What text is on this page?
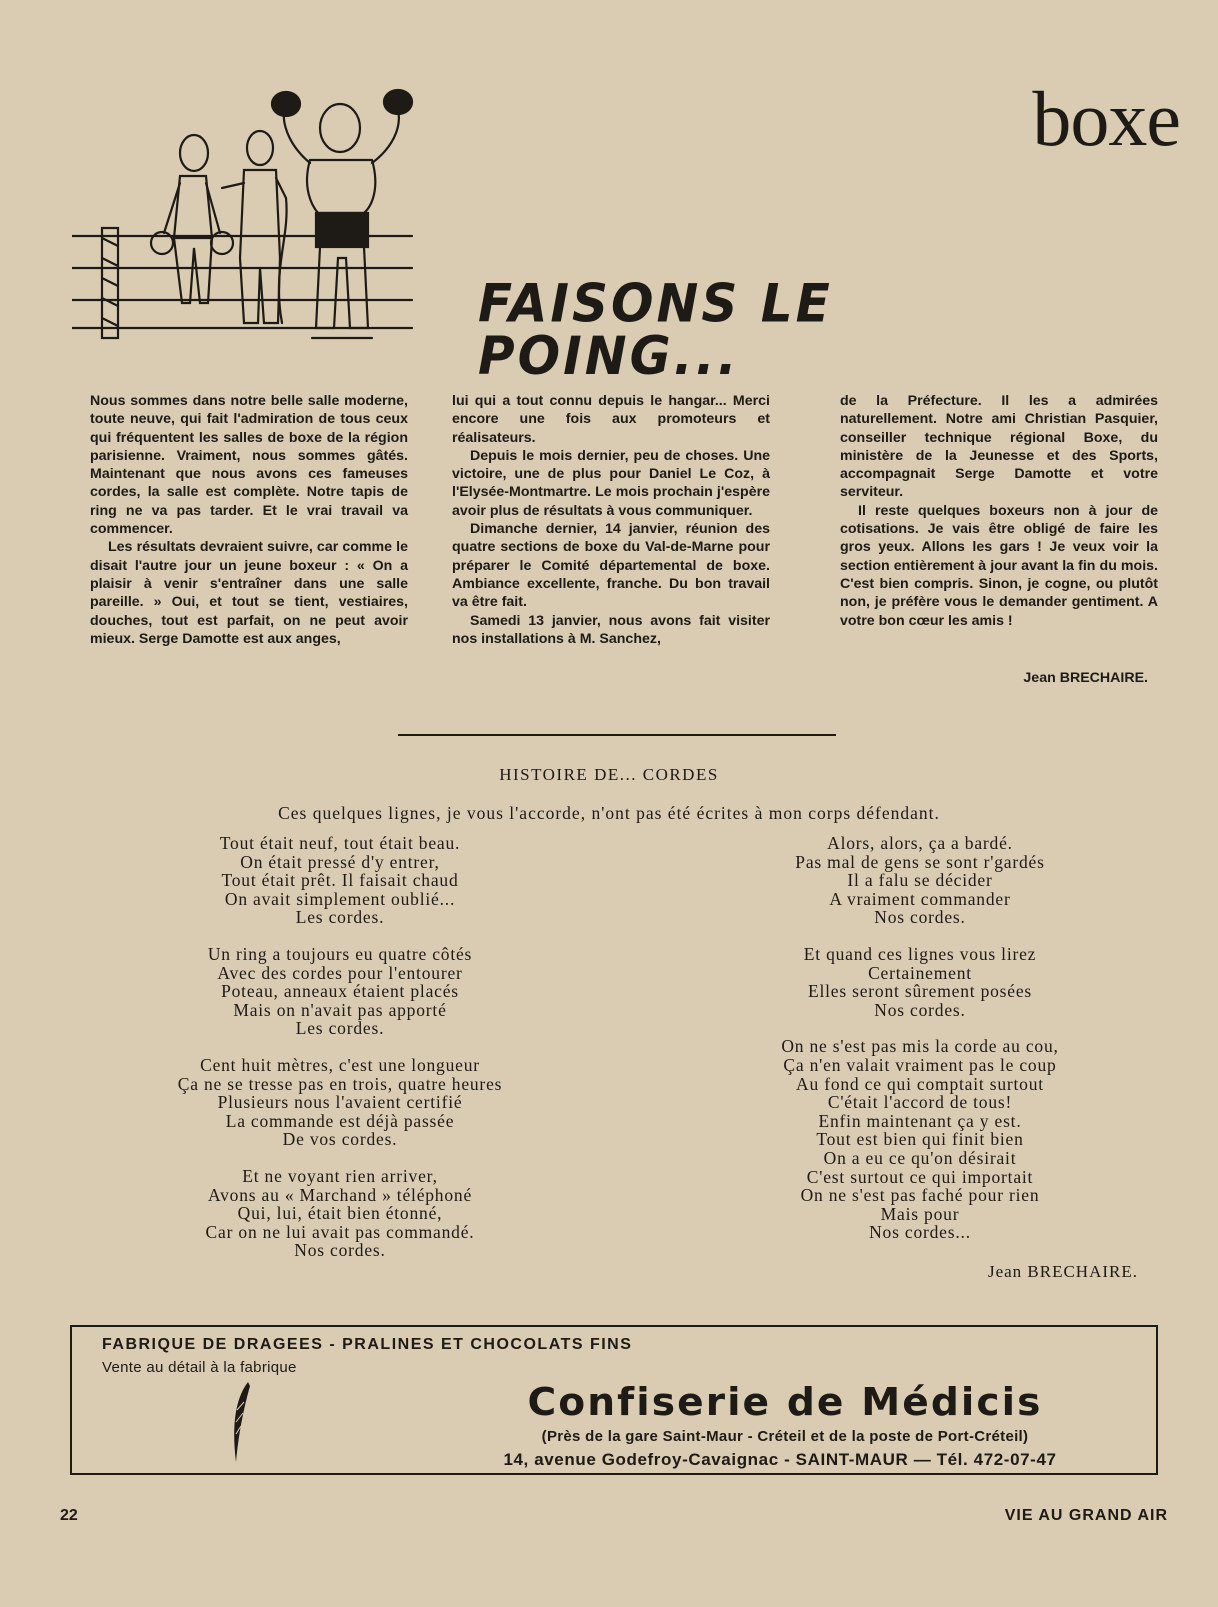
boxe
FAISONS LE POING...

Nous sommes dans notre belle salle moderne, toute neuve, qui fait l'admiration de tous ceux qui fréquentent les salles de boxe de la région parisienne. Vraiment, nous sommes gâtés. Maintenant que nous avons ces fameuses cordes, la salle est complète. Notre tapis de ring ne va pas tarder. Et le vrai travail va commencer.

Les résultats devraient suivre, car comme le disait l'autre jour un jeune boxeur : « On a plaisir à venir s'entraîner dans une salle pareille. » Oui, et tout se tient, vestiaires, douches, tout est parfait, on ne peut avoir mieux. Serge Damotte est aux anges,

lui qui a tout connu depuis le hangar... Merci encore une fois aux promoteurs et réalisateurs.

Depuis le mois dernier, peu de choses. Une victoire, une de plus pour Daniel Le Coz, à l'Elysée-Montmartre. Le mois prochain j'espère avoir plus de résultats à vous communiquer.

Dimanche dernier, 14 janvier, réunion des quatre sections de boxe du Val-de-Marne pour préparer le Comité départemental de boxe. Ambiance excellente, franche. Du bon travail va être fait.

Samedi 13 janvier, nous avons fait visiter nos installations à M. Sanchez,

de la Préfecture. Il les a admirées naturellement. Notre ami Christian Pasquier, conseiller technique régional Boxe, du ministère de la Jeunesse et des Sports, accompagnait Serge Damotte et votre serviteur.

Il reste quelques boxeurs non à jour de cotisations. Je vais être obligé de faire les gros yeux. Allons les gars ! Je veux voir la section entièrement à jour avant la fin du mois. C'est bien compris. Sinon, je cogne, ou plutôt non, je préfère vous le demander gentiment. A votre bon cœur les amis !

Jean BRECHAIRE.
HISTOIRE DE... CORDES
Ces quelques lignes, je vous l'accorde, n'ont pas été écrites à mon corps défendant.
Tout était neuf, tout était beau.
On était pressé d'y entrer,
Tout était prêt. Il faisait chaud
On avait simplement oublié...
Les cordes.
Un ring a toujours eu quatre côtés
Avec des cordes pour l'entourer
Poteau, anneaux étaient placés
Mais on n'avait pas apporté
Les cordes.
Cent huit mètres, c'est une longueur
Ça ne se tresse pas en trois, quatre heures
Plusieurs nous l'avaient certifié
La commande est déjà passée
De vos cordes.
Et ne voyant rien arriver,
Avons au « Marchand » téléphoné
Qui, lui, était bien étonné,
Car on ne lui avait pas commandé.
Nos cordes.
Alors, alors, ça a bardé.
Pas mal de gens se sont r'gardés
Il a falu se décider
A vraiment commander
Nos cordes.
Et quand ces lignes vous lirez
Certainement
Elles seront sûrement posées
Nos cordes.
On ne s'est pas mis la corde au cou,
Ça n'en valait vraiment pas le coup
Au fond ce qui comptait surtout
C'était l'accord de tous!
Enfin maintenant ça y est.
Tout est bien qui finit bien
On a eu ce qu'on désirait
C'est surtout ce qui importait
On ne s'est pas faché pour rien
Mais pour
Nos cordes...
Jean BRECHAIRE.
FABRIQUE DE DRAGEES - PRALINES ET CHOCOLATS FINS
Vente au détail à la fabrique
Confiserie de Médicis
(Près de la gare Saint-Maur - Créteil et de la poste de Port-Créteil)
14, avenue Godefroy-Cavaignac - SAINT-MAUR — Tél. 472-07-47
22	VIE AU GRAND AIR
